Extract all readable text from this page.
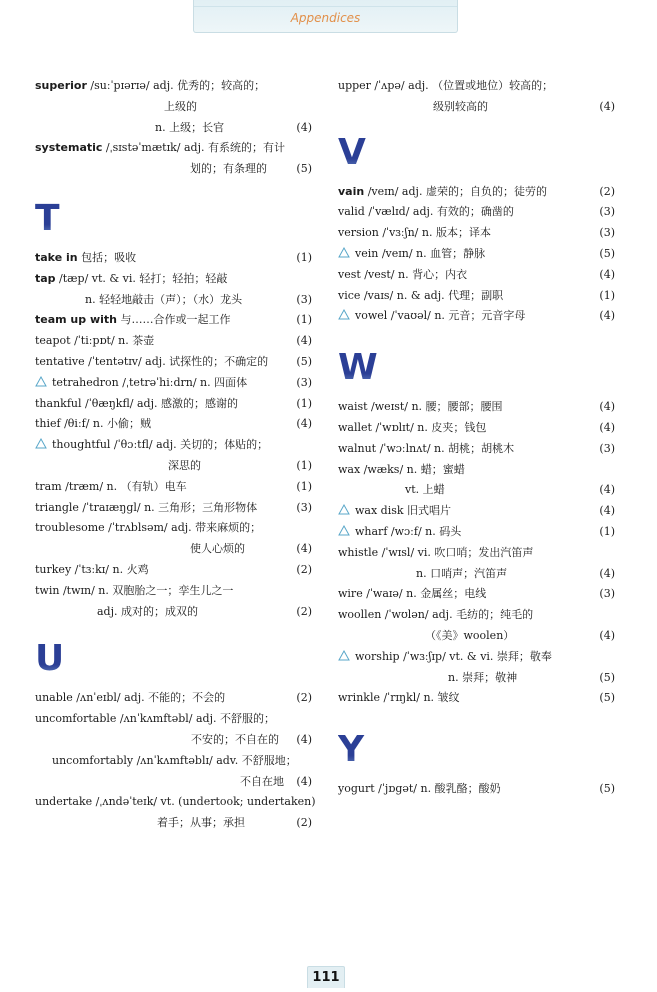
Appendices
superior /suːˈpɪərɪə/ adj. 优秀的；较高的；
上级的
n. 上级；长官	(4)
systematic /ˌsɪstəˈmætɪk/ adj. 有系统的；有计
划的；有条理的	(5)
T
take in 包括；吸收	(1)
tap /tæp/ vt. & vi. 轻打；轻拍；轻敲
n. 轻轻地敲击（声）；（水）龙头	(3)
team up with 与……合作或一起工作	(1)
teapot /ˈtiːpɒt/ n. 茶壶	(4)
tentative /ˈtentətɪv/ adj. 试探性的；不确定的	(5)
tetrahedron /ˌtetrəˈhiːdrn/ n. 四面体	(3)
thankful /ˈθæŋkfl/ adj. 感激的；感谢的	(1)
thief /θiːf/ n. 小偷；贼	(4)
thoughtful /ˈθɔːtfl/ adj. 关切的；体贴的；
深思的	(1)
tram /træm/ n. （有轨）电车	(1)
triangle /ˈtraɪæŋgl/ n. 三角形；三角形物体	(3)
troublesome /ˈtrʌblsəm/ adj. 带来麻烦的；
使人心烦的	(4)
turkey /ˈtɜːkɪ/ n. 火鸡	(2)
twin /twɪn/ n. 双胞胎之一；孪生儿之一
adj. 成对的；成双的	(2)
U
unable /ʌnˈeɪbl/ adj. 不能的；不会的	(2)
uncomfortable /ʌnˈkʌmftəbl/ adj. 不舒服的；
不安的；不自在的	(4)
uncomfortably /ʌnˈkʌmftəblɪ/ adv. 不舒服地；
不自在地	(4)
undertake /ˌʌndəˈteɪk/ vt. (undertook; undertaken)
着手；从事；承担	(2)
upper /ˈʌpə/ adj. （位置或地位）较高的；
级别较高的	(4)
V
vain /veɪn/ adj. 虚荣的；自负的；徒劳的	(2)
valid /ˈvælɪd/ adj. 有效的；确凿的	(3)
version /ˈvɜːʃn/ n. 版本；译本	(3)
vein /veɪn/ n. 血管；静脉	(5)
vest /vest/ n. 背心；内衣	(4)
vice /vaɪs/ n. & adj. 代理；副职	(1)
vowel /ˈvaʊəl/ n. 元音；元音字母	(4)
W
waist /weɪst/ n. 腰；腰部；腰围	(4)
wallet /ˈwɒlɪt/ n. 皮夹；钱包	(4)
walnut /ˈwɔːlnʌt/ n. 胡桃；胡桃木	(3)
wax /wæks/ n. 蜡；蜜蜡
vt. 上蜡	(4)
wax disk 旧式唱片	(4)
wharf /wɔːf/ n. 码头	(1)
whistle /ˈwɪsl/ vi. 吹口哨；发出汽笛声
n. 口哨声；汽笛声	(4)
wire /ˈwaɪə/ n. 金属丝；电线	(3)
woollen /ˈwʊlən/ adj. 毛纺的；纯毛的
（《美》woolen）	(4)
worship /ˈwɜːʃɪp/ vt. & vi. 崇拜；敬奉
n. 崇拜；敬神	(5)
wrinkle /ˈrɪŋkl/ n. 皱纹	(5)
Y
yogurt /ˈjɒgət/ n. 酸乳酪；酸奶	(5)
111
